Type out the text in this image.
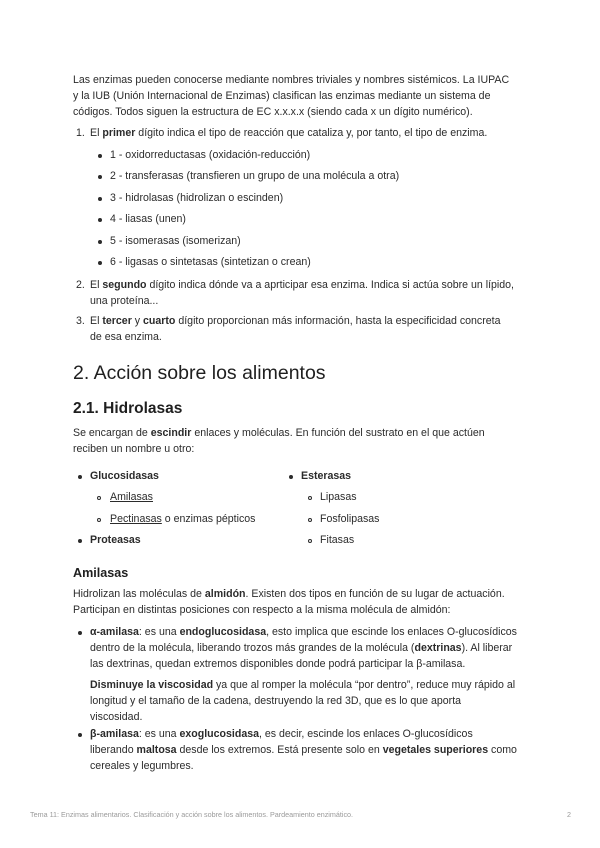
Las enzimas pueden conocerse mediante nombres triviales y nombres sistémicos. La IUPAC
y la IUB (Unión Internacional de Enzimas) clasifican las enzimas mediante un sistema de
códigos. Todos siguen la estructura de EC x.x.x.x (siendo cada x un dígito numérico).
1. El primer dígito indica el tipo de reacción que cataliza y, por tanto, el tipo de enzima.
1 - oxidorreductasas (oxidación-reducción)
2 - transferasas (transfieren un grupo de una molécula a otra)
3 - hidrolasas (hidrolizan o escinden)
4 - liasas (unen)
5 - isomerasas (isomerizan)
6 - ligasas o sintetasas (sintetizan o crean)
2. El segundo dígito indica dónde va a aprticipar esa enzima. Indica si actúa sobre un lípido,
una proteína...
3. El tercer y cuarto dígito proporcionan más información, hasta la especificidad concreta
de esa enzima.
2. Acción sobre los alimentos
2.1. Hidrolasas
Se encargan de escindir enlaces y moléculas. En función del sustrato en el que actúen
reciben un nombre u otro:
Glucosidasas
Amilasas
Pectinasas o enzimas pépticos
Proteasas
Esterasas
Lipasas
Fosfolipasas
Fitasas
Amilasas
Hidrolizan las moléculas de almidón. Existen dos tipos en función de su lugar de actuación.
Participan en distintas posiciones con respecto a la misma molécula de almidón:
α-amilasa: es una endoglucosidasa, esto implica que escinde los enlaces O-glucosídicos
dentro de la molécula, liberando trozos más grandes de la molécula (dextrinas). Al liberar
las dextrinas, quedan extremos disponibles donde podrá participar la β-amilasa.
Disminuye la viscosidad ya que al romper la molécula “por dentro”, reduce muy rápido al
longitud y el tamaño de la cadena, destruyendo la red 3D, que es lo que aporta
viscosidad.
β-amilasa: es una exoglucosidasa, es decir, escinde los enlaces O-glucosídicos
liberando maltosa desde los extremos. Está presente solo en vegetales superiores como
cereales y legumbres.
Tema 11: Enzimas alimentarios. Clasificación y acción sobre los alimentos. Pardeamiento enzimático.	2
